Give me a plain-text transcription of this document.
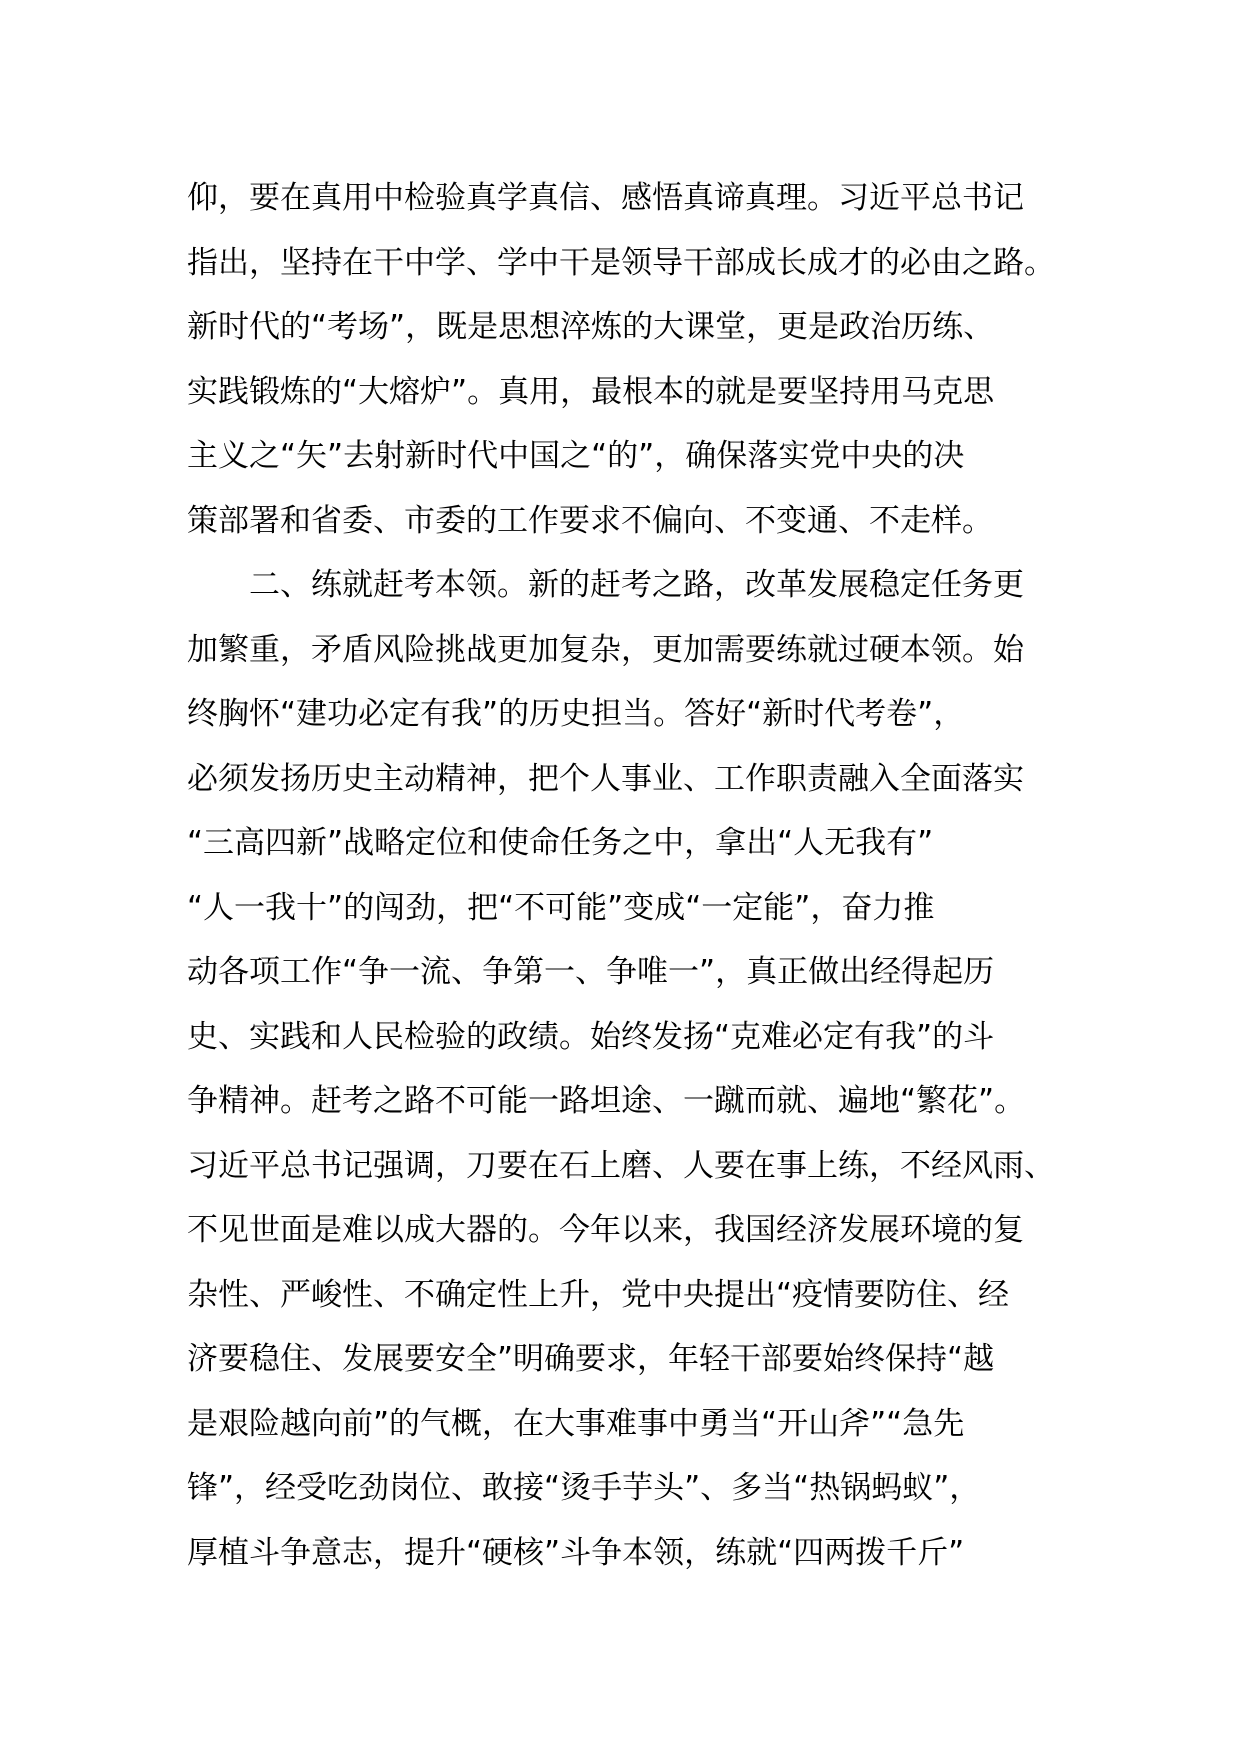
仰，要在真用中检验真学真信、感悟真谛真理。习近平总书记
指出，坚持在干中学、学中干是领导干部成长成才的必由之路。
新时代的“考场”，既是思想淬炼的大课堂，更是政治历练、
实践锻炼的“大熔炉”。真用，最根本的就是要坚持用马克思
主义之“矢”去射新时代中国之“的”，确保落实党中央的决
策部署和省委、市委的工作要求不偏向、不变通、不走样。
　　二、练就赶考本领。新的赶考之路，改革发展稳定任务更
加繁重，矛盾风险挑战更加复杂，更加需要练就过硬本领。始
终胸怀“建功必定有我”的历史担当。答好“新时代考卷”，
必须发扬历史主动精神，把个人事业、工作职责融入全面落实
“三高四新”战略定位和使命任务之中，拿出“人无我有”
“人一我十”的闯劲，把“不可能”变成“一定能”，奋力推
动各项工作“争一流、争第一、争唯一”，真正做出经得起历
史、实践和人民检验的政绩。始终发扬“克难必定有我”的斗
争精神。赶考之路不可能一路坦途、一蹴而就、遍地“繁花”。
习近平总书记强调，刀要在石上磨、人要在事上练，不经风雨、
不见世面是难以成大器的。今年以来，我国经济发展环境的复
杂性、严峻性、不确定性上升，党中央提出“疫情要防住、经
济要稳住、发展要安全”明确要求，年轻干部要始终保持“越
是艰险越向前”的气概，在大事难事中勇当“开山斧”“急先
锋”，经受吃劲岗位、敢接“烫手芋头”、多当“热锅蚂蚁”，
厚植斗争意志，提升“硬核”斗争本领，练就“四两拨千斤”
